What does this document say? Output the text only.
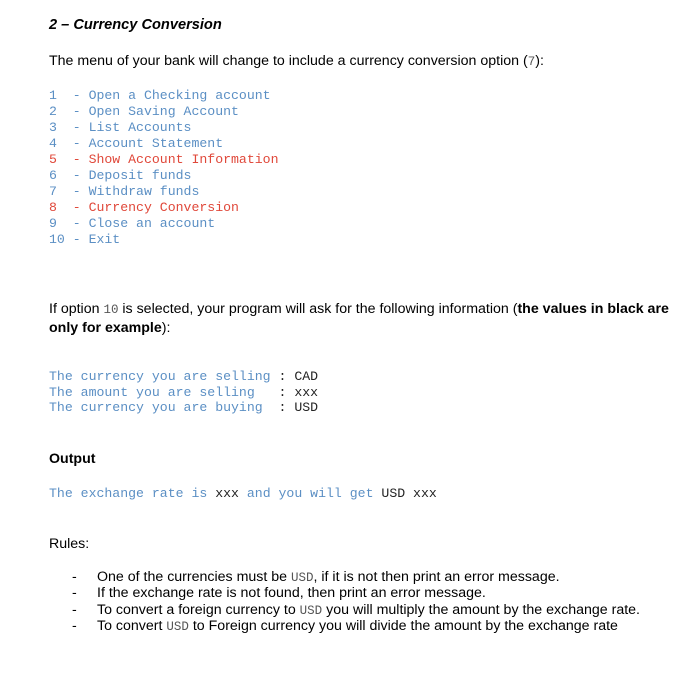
2 – Currency Conversion
The menu of your bank will change to include a currency conversion option (7):
1  - Open a Checking account
2  - Open Saving Account
3  - List Accounts
4  - Account Statement
5  - Show Account Information
6  - Deposit funds
7  - Withdraw funds
8  - Currency Conversion
9  - Close an account
10 - Exit
If option 10 is selected, your program will ask for the following information (the values in black are only for example):
The currency you are selling : CAD
The amount you are selling   : xxx
The currency you are buying  : USD
Output
The exchange rate is xxx and you will get USD xxx
Rules:
- One of the currencies must be USD, if it is not then print an error message.
- If the exchange rate is not found, then print an error message.
- To convert a foreign currency to USD you will multiply the amount by the exchange rate.
- To convert USD to Foreign currency you will divide the amount by the exchange rate
